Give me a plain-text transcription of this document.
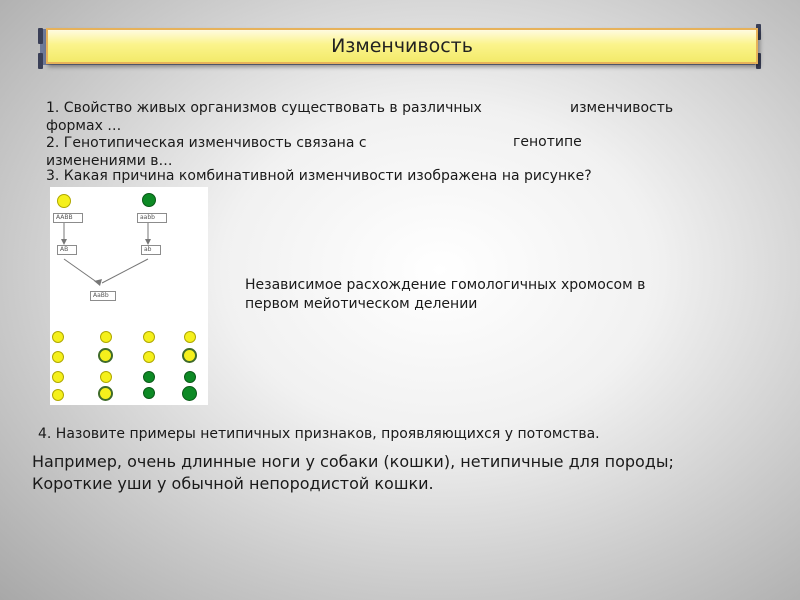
Изменчивость
1. Свойство живых организмов существовать в различных формах …
изменчивость
2. Генотипическая изменчивость связана с изменениями в…
генотипе
3. Какая причина комбинативной изменчивости изображена на рисунке?
Независимое расхождение гомологичных хромосом в первом мейотическом делении
AABB	aabb
AB	ab
AaBb
4. Назовите примеры нетипичных признаков, проявляющихся у потомства.
Например, очень длинные ноги у собаки (кошки), нетипичные для породы;
Короткие уши у обычной непородистой кошки.
